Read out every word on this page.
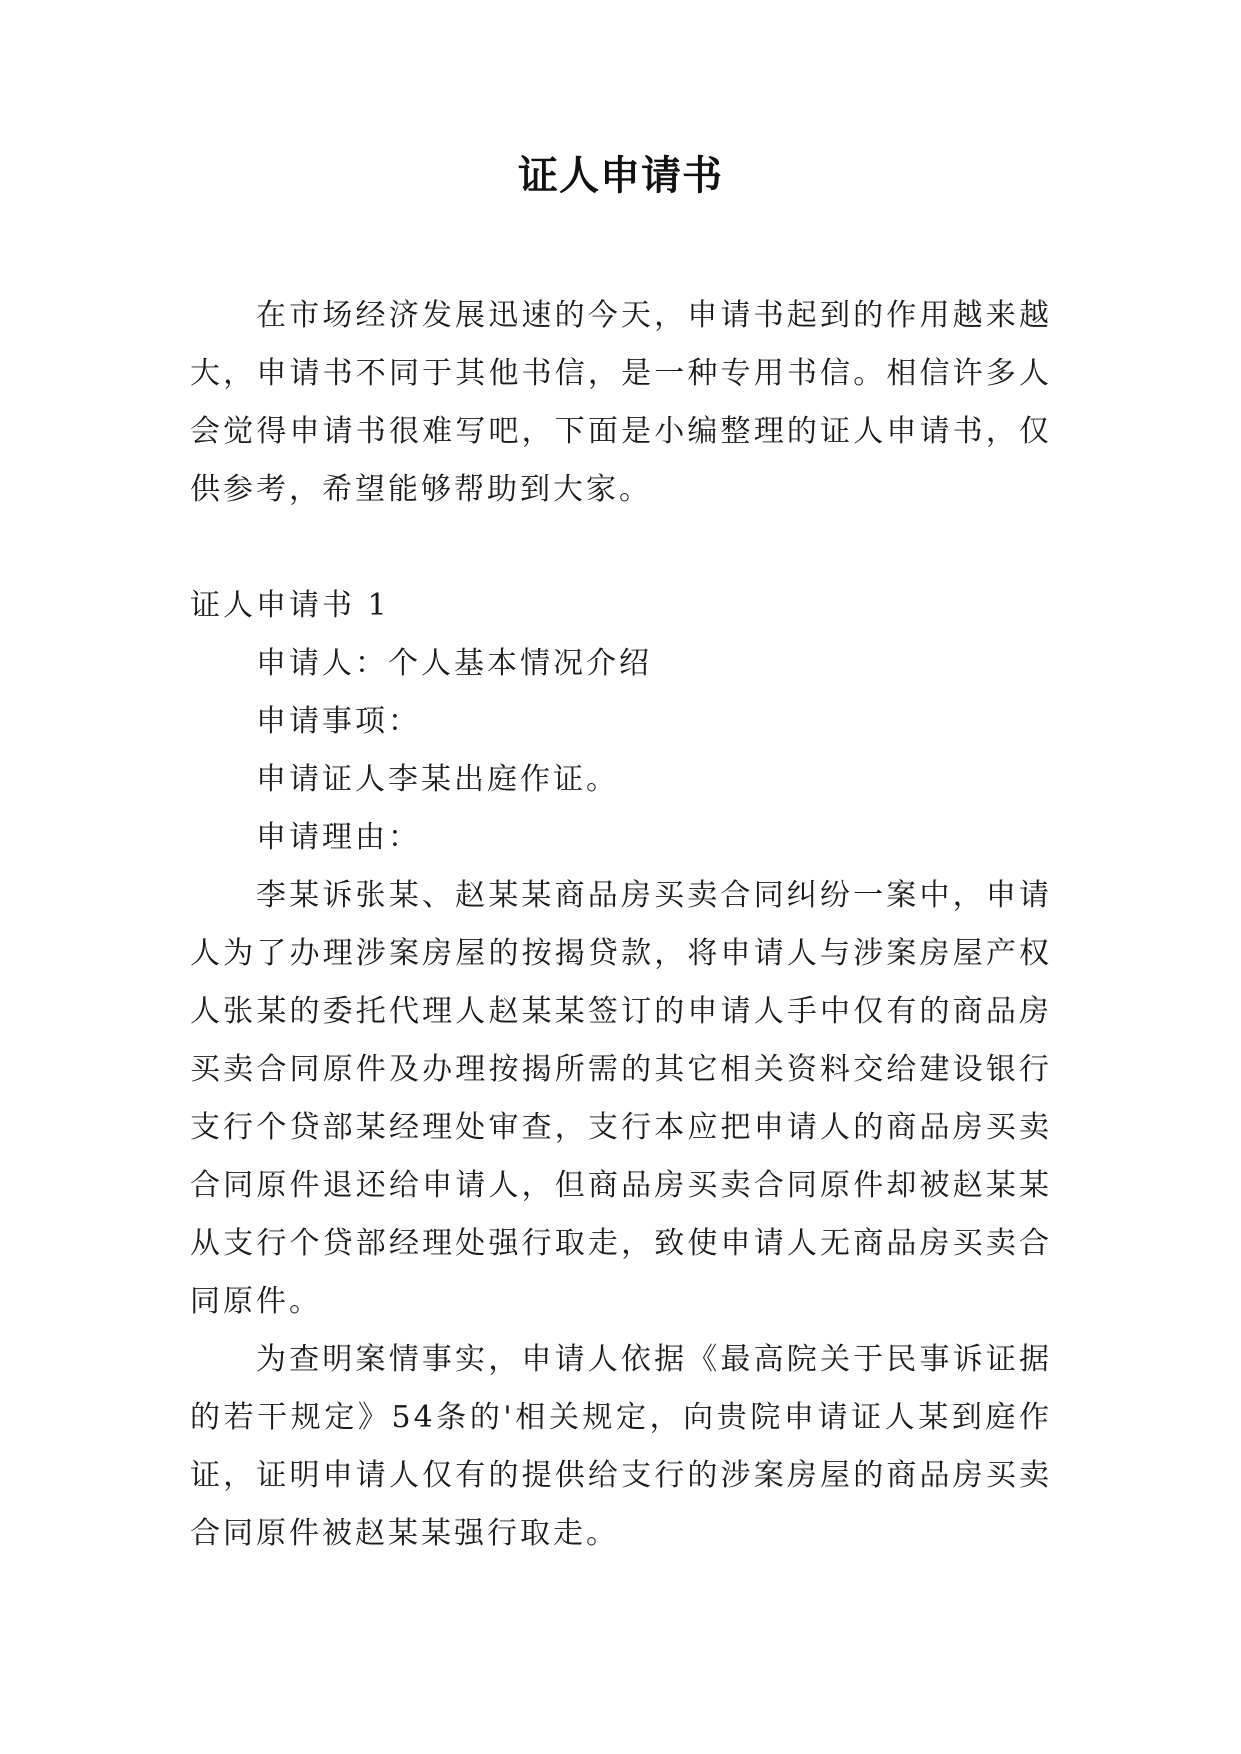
证人申请书

在市场经济发展迅速的今天，申请书起到的作用越来越大，申请书不同于其他书信，是一种专用书信。相信许多人会觉得申请书很难写吧，下面是小编整理的证人申请书，仅供参考，希望能够帮助到大家。

证人申请书 1

申请人：个人基本情况介绍

申请事项：

申请证人李某出庭作证。

申请理由：

李某诉张某、赵某某商品房买卖合同纠纷一案中，申请人为了办理涉案房屋的按揭贷款，将申请人与涉案房屋产权人张某的委托代理人赵某某签订的申请人手中仅有的商品房买卖合同原件及办理按揭所需的其它相关资料交给建设银行支行个贷部某经理处审查，支行本应把申请人的商品房买卖合同原件退还给申请人，但商品房买卖合同原件却被赵某某从支行个贷部经理处强行取走，致使申请人无商品房买卖合同原件。

为查明案情事实，申请人依据《最高院关于民事诉证据的若干规定》54条的'相关规定，向贵院申请证人某到庭作证，证明申请人仅有的提供给支行的涉案房屋的商品房买卖合同原件被赵某某强行取走。
